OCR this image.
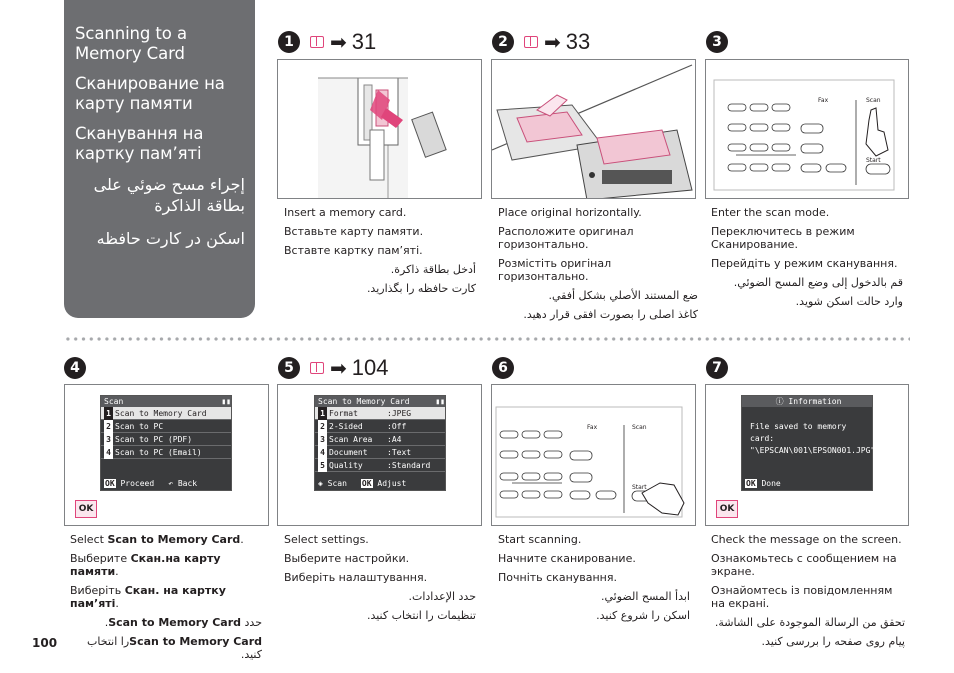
Scanning to a Memory Card
Сканирование на карту памяти
Сканування на картку пам’яті
إجراء مسح ضوئي على بطاقة الذاكرة
اسکن در کارت حافظه
1	➡ 31

Insert a memory card.

Вставьте карту памяти.

Вставте картку пам’яті.

أدخل بطاقة ذاكرة.

کارت حافظه را بگذارید.

2	➡ 33

Place original horizontally.

Расположите оригинал горизонтально.

Розмістіть оригінал горизонтально.

ضع المستند الأصلي بشكل أفقي.

کاغذ اصلی را بصورت افقی قرار دهید.

3
Fax	Scan
Start

Enter the scan mode.

Переключитесь в режим Сканирование.

Перейдіть у режим сканування.

قم بالدخول إلى وضع المسح الضوئي.

وارد حالت اسکن شوید.

4
Scan	▮▮
1 Scan to Memory Card
2 Scan to PC
3 Scan to PC (PDF)
4 Scan to PC (Email)
OK Proceed ↶ Back
OK

Select Scan to Memory Card.

Выберите Скан.на карту памяти.

Виберіть Скан. на картку пам’яті.

.Scan to Memory Card حدد

را انتخاب Scan to Memory Card
کنید.

5	➡ 104
Scan to Memory Card	▮▮
1 Format	:JPEG
2 2-Sided	:Off
3 Scan Area :A4
4 Document :Text
5 Quality	:Standard
◈ Scan OK Adjust

Select settings.

Выберите настройки.

Виберіть налаштування.

حدد الإعدادات.

تنظیمات را انتخاب کنید.

6
Fax	Scan
Start

Start scanning.

Начните сканирование.

Почніть сканування.

ابدأ المسح الضوئي.

اسکن را شروع کنید.

7
ⓘ Information
File saved to memory
card:
"\EPSCAN\001\EPSON001.JPG"
OK Done
OK

Check the message on the screen.

Ознакомьтесь с сообщением на экране.

Ознайомтесь із повідомленням на екрані.

تحقق من الرسالة الموجودة على الشاشة.

پیام روی صفحه را بررسی کنید.

100
